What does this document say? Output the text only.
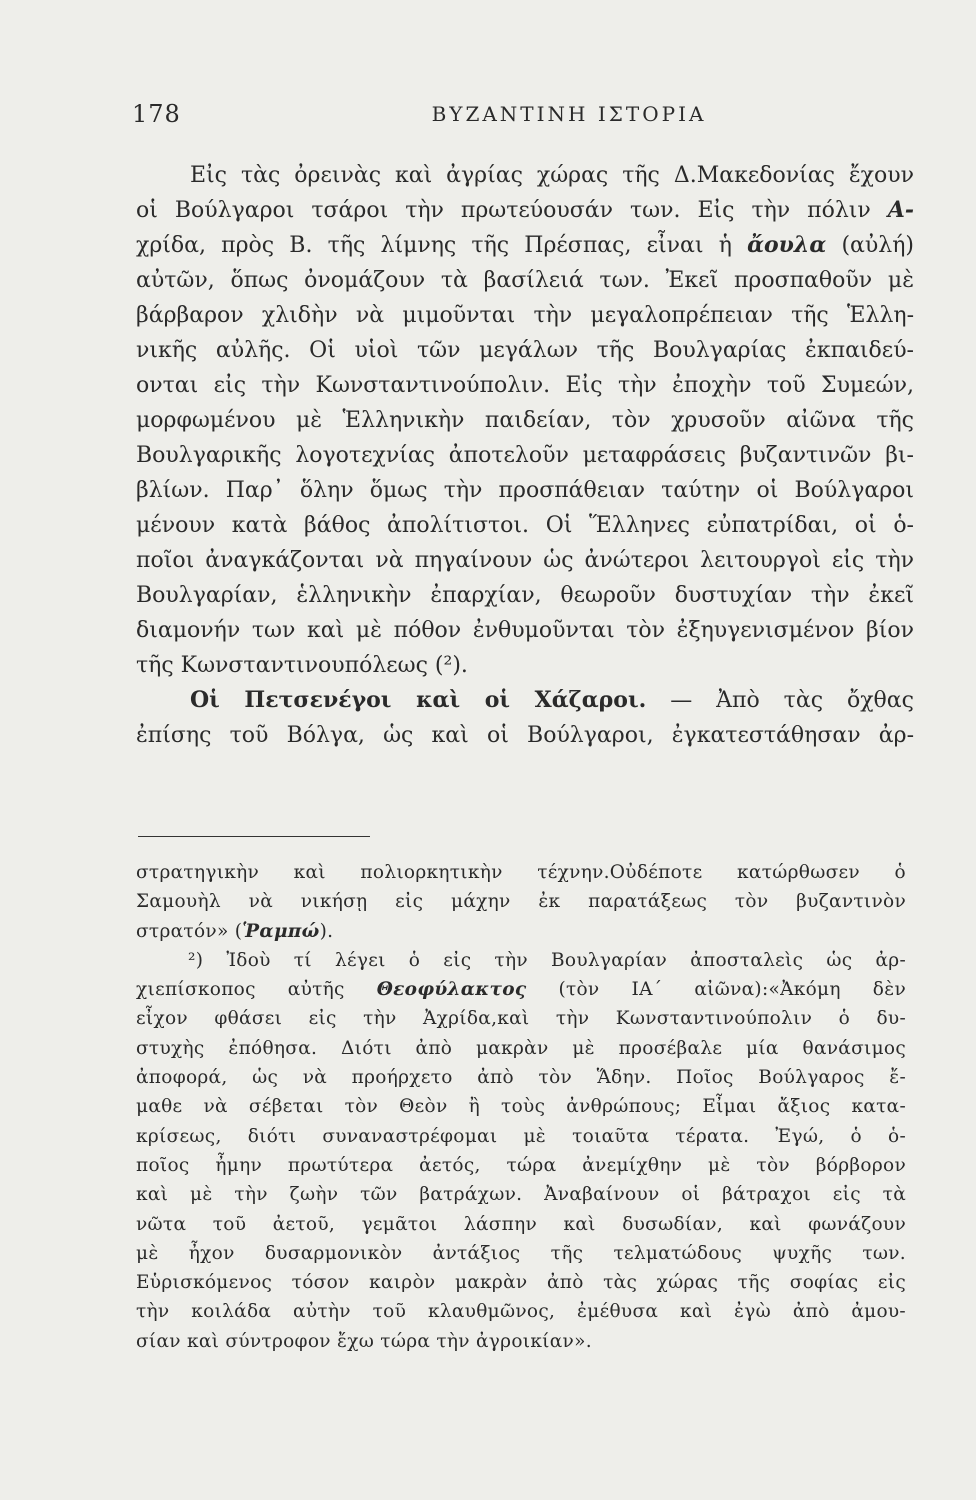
178	ΒΥΖΑΝΤΙΝΗ ΙΣΤΟΡΙΑ
Εἰς τὰς ὀρεινὰς καὶ ἀγρίας χώρας τῆς Δ.Μακεδονίας ἔχουν
οἱ Βούλγαροι τσάροι τὴν πρωτεύουσάν των. Εἰς τὴν πόλιν Α-
χρίδα, πρὸς Β. τῆς λίμνης τῆς Πρέσπας, εἶναι ἡ ἄουλα (αὐλή)
αὐτῶν, ὅπως ὀνομάζουν τὰ βασίλειά των. Ἐκεῖ προσπαθοῦν μὲ
βάρβαρον χλιδὴν νὰ μιμοῦνται τὴν μεγαλοπρέπειαν τῆς Ἑλλη-
νικῆς αὐλῆς. Οἱ υἱοὶ τῶν μεγάλων τῆς Βουλγαρίας ἐκπαιδεύ-
ονται εἰς τὴν Κωνσταντινούπολιν. Εἰς τὴν ἐποχὴν τοῦ Συμεών,
μορφωμένου μὲ Ἑλληνικὴν παιδείαν, τὸν χρυσοῦν αἰῶνα τῆς
Βουλγαρικῆς λογοτεχνίας ἀποτελοῦν μεταφράσεις βυζαντινῶν βι-
βλίων. Παρ᾽ ὅλην ὅμως τὴν προσπάθειαν ταύτην οἱ Βούλγαροι
μένουν κατὰ βάθος ἀπολίτιστοι. Οἱ Ἕλληνες εὐπατρίδαι, οἱ ὁ-
ποῖοι ἀναγκάζονται νὰ πηγαίνουν ὡς ἀνώτεροι λειτουργοὶ εἰς τὴν
Βουλγαρίαν, ἑλληνικὴν ἐπαρχίαν, θεωροῦν δυστυχίαν τὴν ἐκεῖ
διαμονήν των καὶ μὲ πόθον ἐνθυμοῦνται τὸν ἐξηυγενισμένον βίον
τῆς Κωνσταντινουπόλεως (²).
Οἱ Πετσενέγοι καὶ οἱ Χάζαροι. — Ἀπὸ τὰς ὄχθας
ἐπίσης τοῦ Βόλγα, ὡς καὶ οἱ Βούλγαροι, ἐγκατεστάθησαν ἀρ-
στρατηγικὴν καὶ πολιορκητικὴν τέχνην.Οὐδέποτε κατώρθωσεν ὁ
Σαμουὴλ νὰ νικήσῃ εἰς μάχην ἐκ παρατάξεως τὸν βυζαντινὸν
στρατόν» (Ῥαμπώ).
²) Ἰδοὺ τί λέγει ὁ εἰς τὴν Βουλγαρίαν ἀποσταλεὶς ὡς ἀρ-
χιεπίσκοπος αὐτῆς Θεοφύλακτος (τὸν ΙΑ΄ αἰῶνα):«Ἀκόμη δὲν
εἶχον φθάσει εἰς τὴν Ἀχρίδα,καὶ τὴν Κωνσταντινούπολιν ὁ δυ-
στυχὴς ἐπόθησα. Διότι ἀπὸ μακρὰν μὲ προσέβαλε μία θανάσιμος
ἀποφορά, ὡς νὰ προήρχετο ἀπὸ τὸν Ἅδην. Ποῖος Βούλγαρος ἔ-
μαθε νὰ σέβεται τὸν Θεὸν ἢ τοὺς ἀνθρώπους; Εἶμαι ἄξιος κατα-
κρίσεως, διότι συναναστρέφομαι μὲ τοιαῦτα τέρατα. Ἐγώ, ὁ ὁ-
ποῖος ἦμην πρωτύτερα ἀετός, τώρα ἀνεμίχθην μὲ τὸν βόρβορον
καὶ μὲ τὴν ζωὴν τῶν βατράχων. Ἀναβαίνουν οἱ βάτραχοι εἰς τὰ
νῶτα τοῦ ἀετοῦ, γεμᾶτοι λάσπην καὶ δυσωδίαν, καὶ φωνάζουν
μὲ ἦχον δυσαρμονικὸν ἀντάξιος τῆς τελματώδους ψυχῆς των.
Εὑρισκόμενος τόσον καιρὸν μακρὰν ἀπὸ τὰς χώρας τῆς σοφίας εἰς
τὴν κοιλάδα αὐτὴν τοῦ κλαυθμῶνος, ἐμέθυσα καὶ ἐγὼ ἀπὸ ἀμου-
σίαν καὶ σύντροφον ἔχω τώρα τὴν ἀγροικίαν».
